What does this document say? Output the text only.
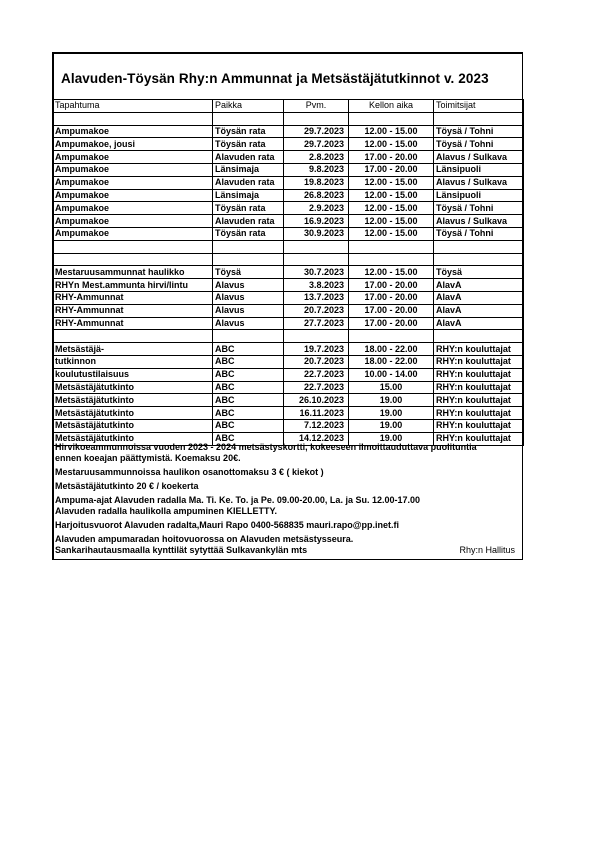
Alavuden-Töysän Rhy:n Ammunnat ja Metsästäjätutkinnot v. 2023
Tapahtuma	Paikka	Pvm.	Kellon aika	Toimitsijat

Ampumakoe	Töysän rata	29.7.2023	12.00 - 15.00	Töysä / Tohni
Ampumakoe, jousi	Töysän rata	29.7.2023	12.00 - 15.00	Töysä / Tohni
Ampumakoe	Alavuden rata	2.8.2023	17.00 - 20.00	Alavus / Sulkava
Ampumakoe	Länsimaja	9.8.2023	17.00 - 20.00	Länsipuoli
Ampumakoe	Alavuden rata	19.8.2023	12.00 - 15.00	Alavus / Sulkava
Ampumakoe	Länsimaja	26.8.2023	12.00 - 15.00	Länsipuoli
Ampumakoe	Töysän rata	2.9.2023	12.00 - 15.00	Töysä / Tohni
Ampumakoe	Alavuden rata	16.9.2023	12.00 - 15.00	Alavus / Sulkava
Ampumakoe	Töysän rata	30.9.2023	12.00 - 15.00	Töysä / Tohni

Mestaruusammunnat haulikko	Töysä	30.7.2023	12.00 - 15.00	Töysä
RHYn Mest.ammunta hirvi/lintu	Alavus	3.8.2023	17.00 - 20.00	AlavA
RHY-Ammunnat	Alavus	13.7.2023	17.00 - 20.00	AlavA
RHY-Ammunnat	Alavus	20.7.2023	17.00 - 20.00	AlavA
RHY-Ammunnat	Alavus	27.7.2023	17.00 - 20.00	AlavA

Metsästäjä-	ABC	19.7.2023	18.00 - 22.00	RHY:n kouluttajat
tutkinnon	ABC	20.7.2023	18.00 - 22.00	RHY:n kouluttajat
koulutustilaisuus	ABC	22.7.2023	10.00 - 14.00	RHY:n kouluttajat
Metsästäjätutkinto	ABC	22.7.2023	15.00	RHY:n kouluttajat
Metsästäjätutkinto	ABC	26.10.2023	19.00	RHY:n kouluttajat
Metsästäjätutkinto	ABC	16.11.2023	19.00	RHY:n kouluttajat
Metsästäjätutkinto	ABC	7.12.2023	19.00	RHY:n kouluttajat
Metsästäjätutkinto	ABC	14.12.2023	19.00	RHY:n kouluttajat
Hirvikoeammunnoissa vuoden 2023 - 2024 metsästyskortti, kokeeseen ilmoittauduttava puolituntia
ennen koeajan päättymistä. Koemaksu 20€.
Mestaruusammunnoissa haulikon osanottomaksu 3 € ( kiekot )
Metsästäjätutkinto 20 € / koekerta
Ampuma-ajat Alavuden radalla Ma. Ti. Ke. To. ja Pe. 09.00-20.00, La. ja Su. 12.00-17.00
Alavuden radalla haulikolla ampuminen KIELLETTY.
Harjoitusvuorot Alavuden radalta,Mauri Rapo 0400-568835 mauri.rapo@pp.inet.fi
Alavuden ampumaradan hoitovuorossa on Alavuden metsästysseura.
Sankarihautausmaalla kynttilät sytyttää Sulkavankylän mts	Rhy:n Hallitus
